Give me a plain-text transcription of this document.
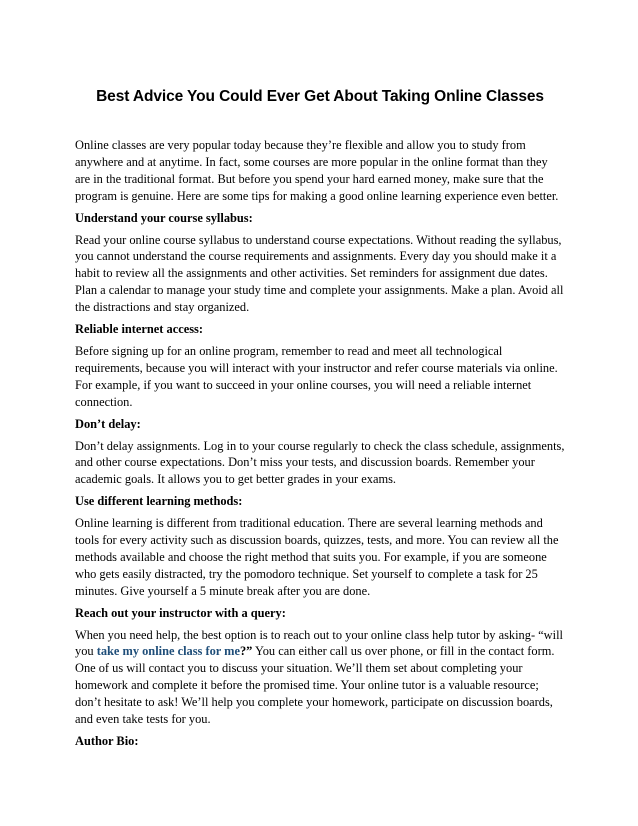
Best Advice You Could Ever Get About Taking Online Classes

Online classes are very popular today because they’re flexible and allow you to study from anywhere and at anytime. In fact, some courses are more popular in the online format than they are in the traditional format. But before you spend your hard earned money, make sure that the program is genuine. Here are some tips for making a good online learning experience even better.

Understand your course syllabus:

Read your online course syllabus to understand course expectations. Without reading the syllabus, you cannot understand the course requirements and assignments. Every day you should make it a habit to review all the assignments and other activities. Set reminders for assignment due dates. Plan a calendar to manage your study time and complete your assignments. Make a plan. Avoid all the distractions and stay organized.

Reliable internet access:

Before signing up for an online program, remember to read and meet all technological requirements, because you will interact with your instructor and refer course materials via online. For example, if you want to succeed in your online courses, you will need a reliable internet connection.

Don’t delay:

Don’t delay assignments. Log in to your course regularly to check the class schedule, assignments, and other course expectations. Don’t miss your tests, and discussion boards. Remember your academic goals. It allows you to get better grades in your exams.

Use different learning methods:

Online learning is different from traditional education. There are several learning methods and tools for every activity such as discussion boards, quizzes, tests, and more. You can review all the methods available and choose the right method that suits you. For example, if you are someone who gets easily distracted, try the pomodoro technique. Set yourself to complete a task for 25 minutes. Give yourself a 5 minute break after you are done.

Reach out your instructor with a query:

When you need help, the best option is to reach out to your online class help tutor by asking- “will you take my online class for me?” You can either call us over phone, or fill in the contact form. One of us will contact you to discuss your situation. We’ll them set about completing your homework and complete it before the promised time. Your online tutor is a valuable resource; don’t hesitate to ask! We’ll help you complete your homework, participate on discussion boards, and even take tests for you.

Author Bio:
